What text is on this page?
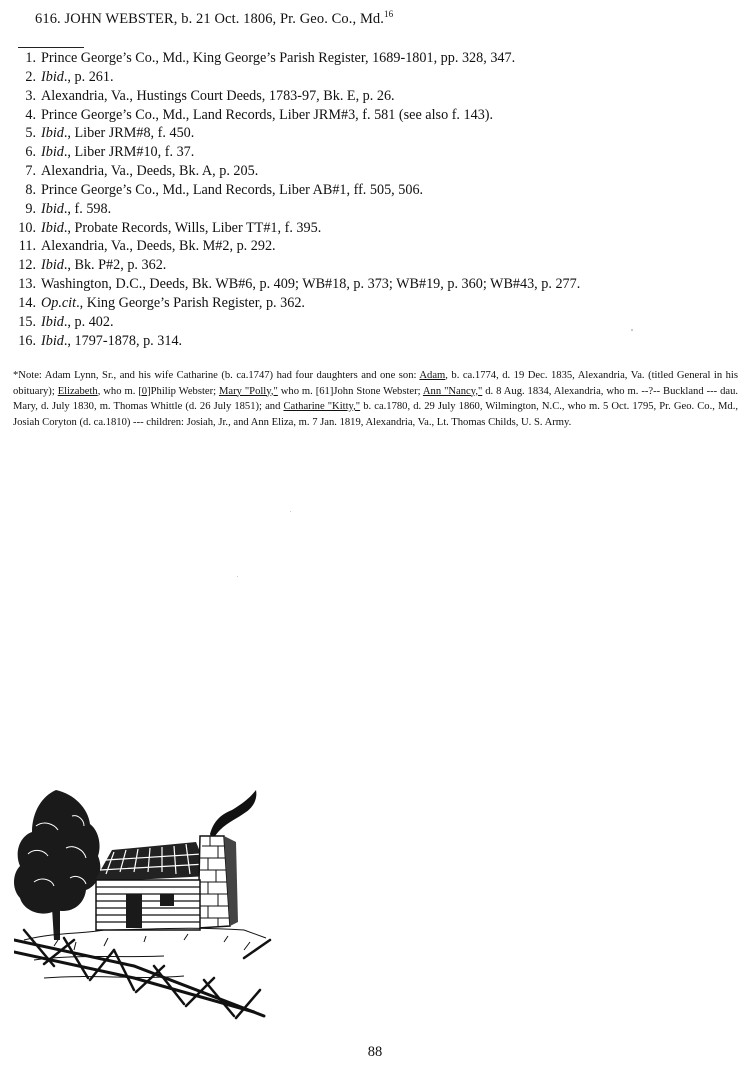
616. JOHN WEBSTER, b. 21 Oct. 1806, Pr. Geo. Co., Md.$^{16}$
1. Prince George’s Co., Md., King George’s Parish Register, 1689-1801, pp. 328, 347.
2. Ibid., p. 261.
3. Alexandria, Va., Hustings Court Deeds, 1783-97, Bk. E, p. 26.
4. Prince George’s Co., Md., Land Records, Liber JRM#3, f. 581 (see also f. 143).
5. Ibid., Liber JRM#8, f. 450.
6. Ibid., Liber JRM#10, f. 37.
7. Alexandria, Va., Deeds, Bk. A, p. 205.
8. Prince George’s Co., Md., Land Records, Liber AB#1, ff. 505, 506.
9. Ibid., f. 598.
10. Ibid., Probate Records, Wills, Liber TT#1, f. 395.
11. Alexandria, Va., Deeds, Bk. M#2, p. 292.
12. Ibid., Bk. P#2, p. 362.
13. Washington, D.C., Deeds, Bk. WB#6, p. 409; WB#18, p. 373; WB#19, p. 360; WB#43, p. 277.
14. Op.cit., King George’s Parish Register, p. 362.
15. Ibid., p. 402.
16. Ibid., 1797-1878, p. 314.
*Note: Adam Lynn, Sr., and his wife Catharine (b. ca.1747) had four daughters and one son: Adam, b. ca.1774, d. 19 Dec. 1835, Alexandria, Va. (titled General in his obituary); Elizabeth, who m. [0]Philip Webster; Mary "Polly," who m. [61]John Stone Webster; Ann "Nancy," d. 8 Aug. 1834, Alexandria, who m. --?-- Buckland --- dau. Mary, d. July 1830, m. Thomas Whittle (d. 26 July 1851); and Catharine "Kitty," b. ca.1780, d. 29 July 1860, Wilmington, N.C., who m. 5 Oct. 1795, Pr. Geo. Co., Md., Josiah Coryton (d. ca.1810) --- children: Josiah, Jr., and Ann Eliza, m. 7 Jan. 1819, Alexandria, Va., Lt. Thomas Childs, U. S. Army.
88
